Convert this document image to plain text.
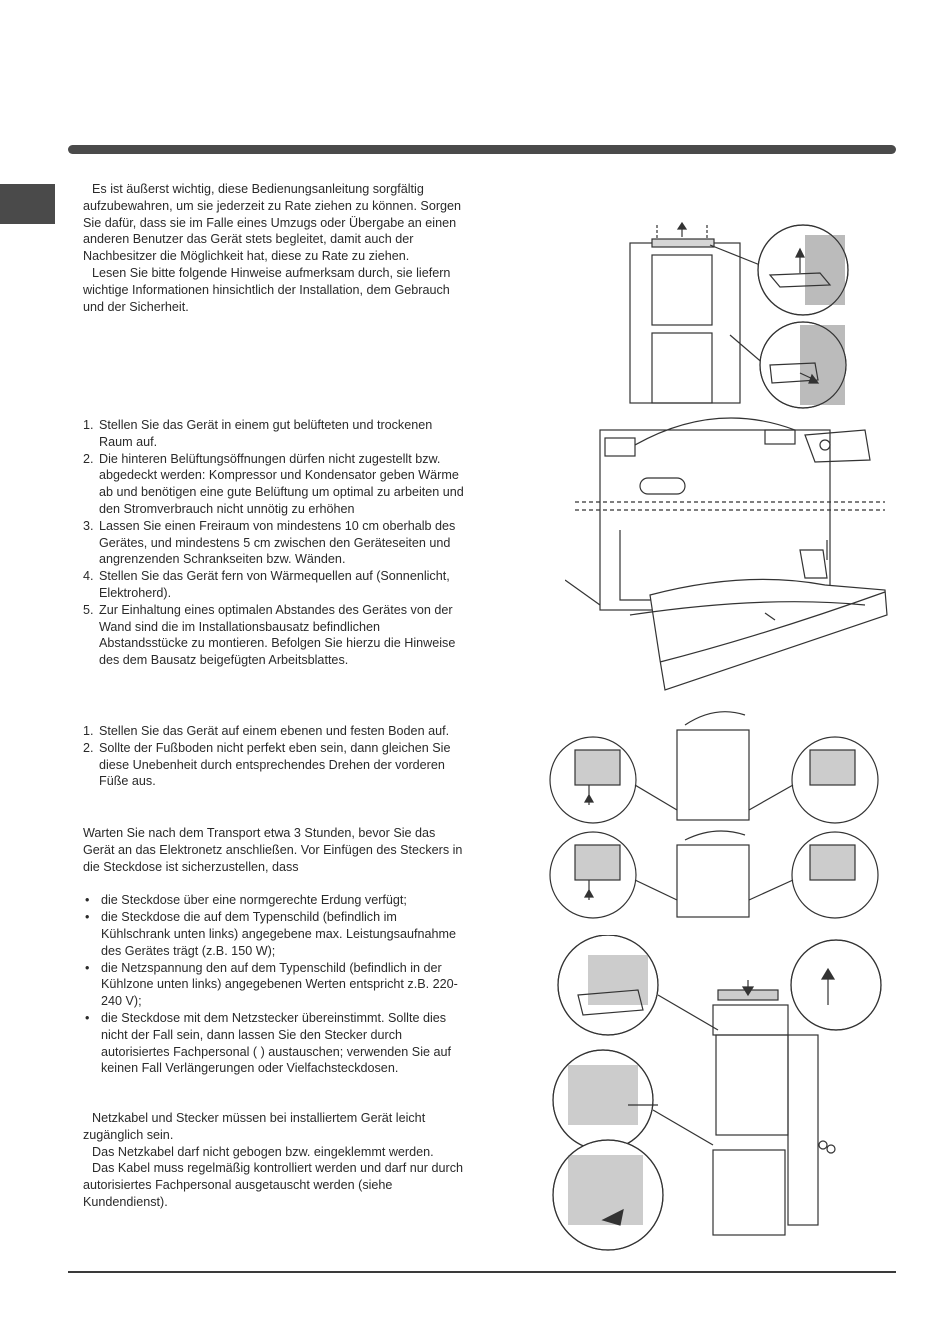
Es ist äußerst wichtig, diese Bedienungsanleitung sorgfältig aufzubewahren, um sie jederzeit zu Rate ziehen zu können. Sorgen Sie dafür, dass sie im Falle eines Umzugs oder Übergabe an einen anderen Benutzer das Gerät stets begleitet, damit auch der Nachbesitzer die Möglichkeit hat, diese zu Rate zu ziehen.

Lesen Sie bitte folgende Hinweise aufmerksam durch, sie liefern wichtige Informationen hinsichtlich der Installation, dem Gebrauch und der Sicherheit.

1. Stellen Sie das Gerät in einem gut belüfteten und trockenen Raum auf.
2. Die hinteren Belüftungsöffnungen dürfen nicht zugestellt bzw. abgedeckt werden: Kompressor und Kondensator geben Wärme ab und benötigen eine gute Belüftung um optimal zu arbeiten und den Stromverbrauch nicht unnötig zu erhöhen
3. Lassen Sie einen Freiraum von mindestens 10 cm oberhalb des Gerätes, und mindestens 5 cm zwischen den Geräteseiten und angrenzenden Schrankseiten bzw. Wänden.
4. Stellen Sie das Gerät fern von Wärmequellen auf (Sonnenlicht, Elektroherd).
5. Zur Einhaltung eines optimalen Abstandes des Gerätes von der Wand sind die im Installationsbausatz befindlichen Abstandsstücke zu montieren. Befolgen Sie hierzu die Hinweise des dem Bausatz beigefügten Arbeitsblattes.
1. Stellen Sie das Gerät auf einem ebenen und festen Boden auf.
2. Sollte der Fußboden nicht perfekt eben sein, dann gleichen Sie diese Unebenheit durch entsprechendes Drehen der vorderen Füße aus.

Warten Sie nach dem Transport etwa 3 Stunden, bevor Sie das Gerät an das Elektronetz anschließen. Vor Einfügen des Steckers in die Steckdose ist sicherzustellen, dass

• die Steckdose über eine normgerechte Erdung verfügt;
• die Steckdose die auf dem Typenschild (befindlich im Kühlschrank unten links) angegebene max. Leistungsaufnahme des Gerätes trägt (z.B. 150 W);
• die Netzspannung den auf dem Typenschild (befindlich in der Kühlzone unten links) angegebenen Werten entspricht z.B. 220-240 V);
• die Steckdose mit dem Netzstecker übereinstimmt. Sollte dies nicht der Fall sein, dann lassen Sie den Stecker durch autorisiertes Fachpersonal ( ) austauschen; verwenden Sie auf keinen Fall Verlängerungen oder Vielfachsteckdosen.

Netzkabel und Stecker müssen bei installiertem Gerät leicht zugänglich sein.

Das Netzkabel darf nicht gebogen bzw. eingeklemmt werden.

Das Kabel muss regelmäßig kontrolliert werden und darf nur durch autorisiertes Fachpersonal ausgetauscht werden (siehe Kundendienst).
